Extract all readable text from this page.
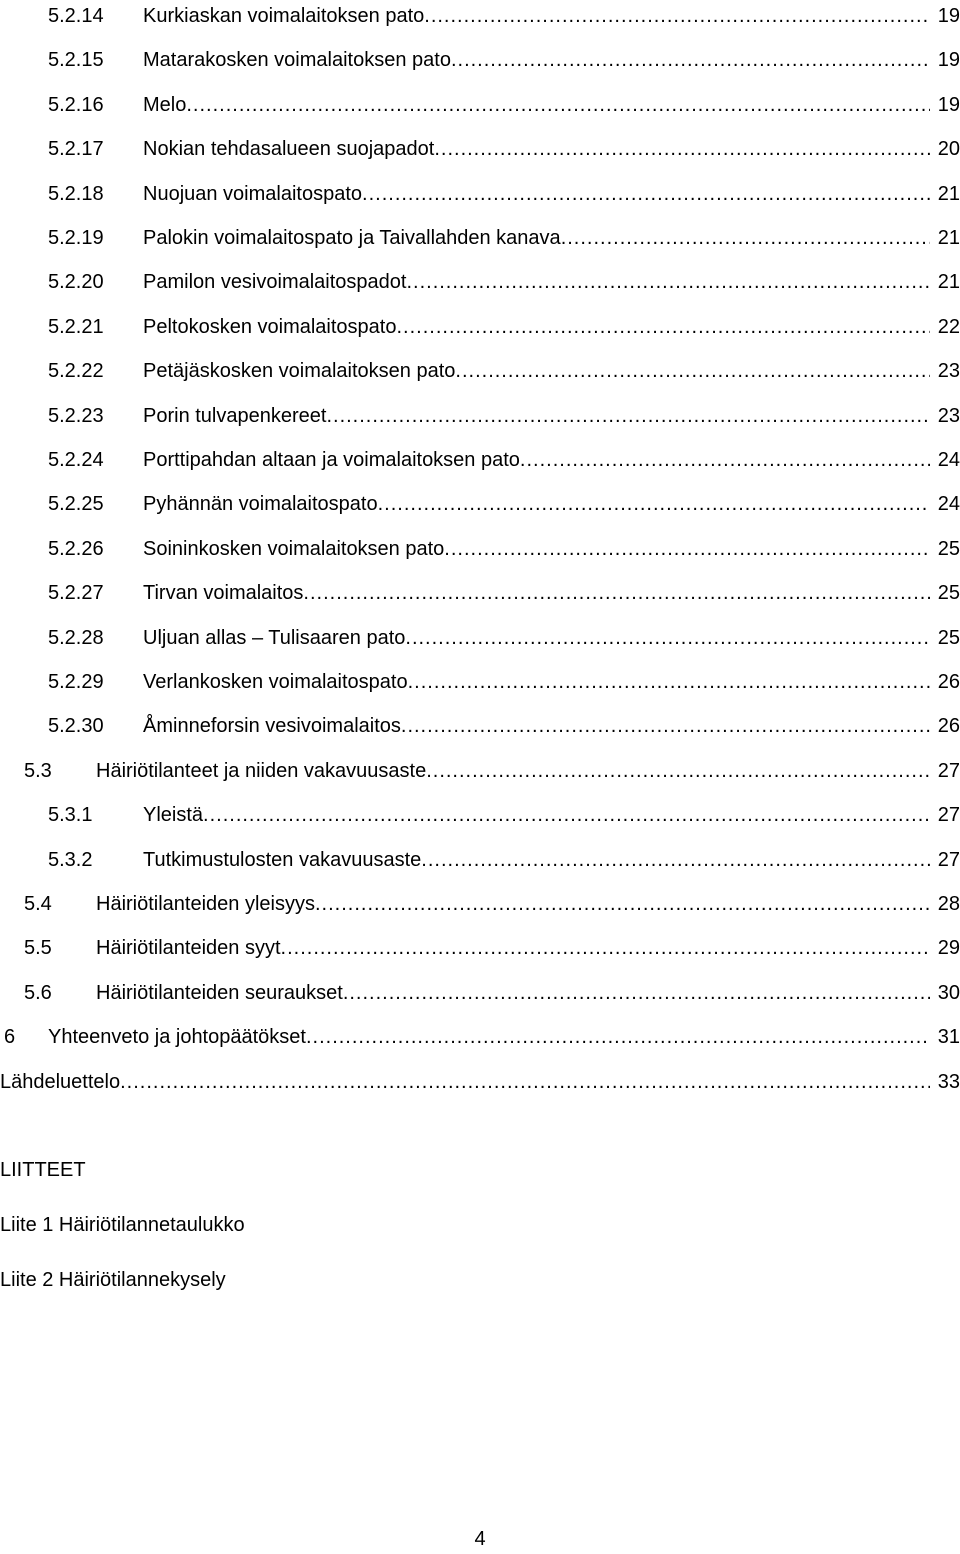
5.2.14 Kurkiaskan voimalaitoksen pato .....	19
5.2.15 Matarakosken voimalaitoksen pato .....	19
5.2.16 Melo .....	19
5.2.17 Nokian tehdasalueen suojapadot .....	20
5.2.18 Nuojuan voimalaitospato .....	21
5.2.19 Palokin voimalaitospato ja Taivallahden kanava .....	21
5.2.20 Pamilon vesivoimalaitospadot .....	21
5.2.21 Peltokosken voimalaitospato .....	22
5.2.22 Petäjäskosken voimalaitoksen pato .....	23
5.2.23 Porin tulvapenkereet .....	23
5.2.24 Porttipahdan altaan ja voimalaitoksen pato .....	24
5.2.25 Pyhännän voimalaitospato .....	24
5.2.26 Soininkosken voimalaitoksen pato .....	25
5.2.27 Tirvan voimalaitos .....	25
5.2.28 Uljuan allas – Tulisaaren pato .....	25
5.2.29 Verlankosken voimalaitospato .....	26
5.2.30 Åminneforsin vesivoimalaitos .....	26
5.3 Häiriötilanteet ja niiden vakavuusaste .....	27
5.3.1	Yleistä .....	27
5.3.2	Tutkimustulosten vakavuusaste .....	27
5.4 Häiriötilanteiden yleisyys .....	28
5.5 Häiriötilanteiden syyt .....	29
5.6 Häiriötilanteiden seuraukset .....	30
6 Yhteenveto ja johtopäätökset .....	31
Lähdeluettelo .....	33
LIITTEET
Liite 1 Häiriötilannetaulukko
Liite 2 Häiriötilannekysely
4
